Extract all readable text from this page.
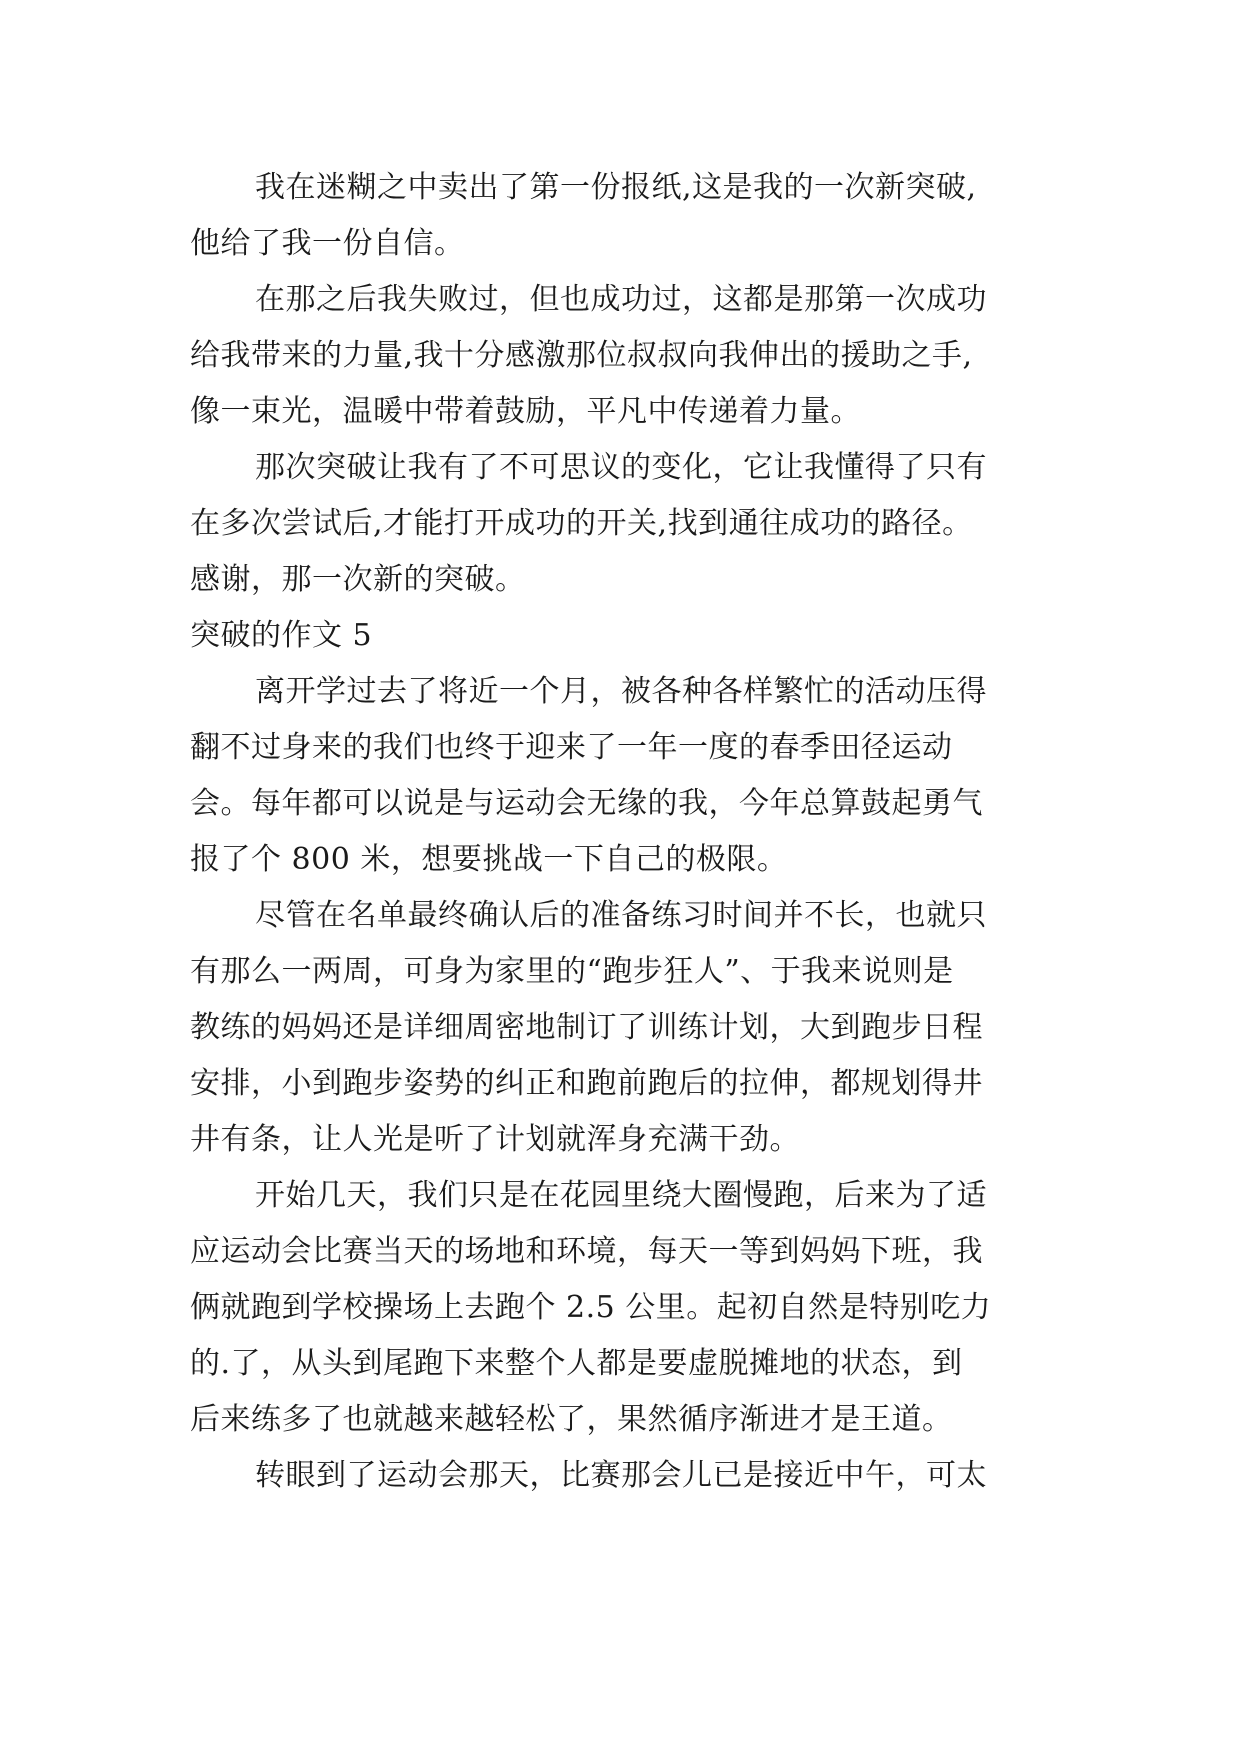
我在迷糊之中卖出了第一份报纸,这是我的一次新突破,
他给了我一份自信。
在那之后我失败过，但也成功过，这都是那第一次成功
给我带来的力量,我十分感激那位叔叔向我伸出的援助之手,
像一束光，温暖中带着鼓励，平凡中传递着力量。
那次突破让我有了不可思议的变化，它让我懂得了只有
在多次尝试后,才能打开成功的开关,找到通往成功的路径。
感谢，那一次新的突破。
突破的作文 5
离开学过去了将近一个月，被各种各样繁忙的活动压得
翻不过身来的我们也终于迎来了一年一度的春季田径运动
会。每年都可以说是与运动会无缘的我，今年总算鼓起勇气
报了个 800 米，想要挑战一下自己的极限。
尽管在名单最终确认后的准备练习时间并不长，也就只
有那么一两周，可身为家里的“跑步狂人”、于我来说则是
教练的妈妈还是详细周密地制订了训练计划，大到跑步日程
安排，小到跑步姿势的纠正和跑前跑后的拉伸，都规划得井
井有条，让人光是听了计划就浑身充满干劲。
开始几天，我们只是在花园里绕大圈慢跑，后来为了适
应运动会比赛当天的场地和环境，每天一等到妈妈下班，我
俩就跑到学校操场上去跑个 2.5 公里。起初自然是特别吃力
的.了，从头到尾跑下来整个人都是要虚脱摊地的状态，到
后来练多了也就越来越轻松了，果然循序渐进才是王道。
转眼到了运动会那天，比赛那会儿已是接近中午，可太
